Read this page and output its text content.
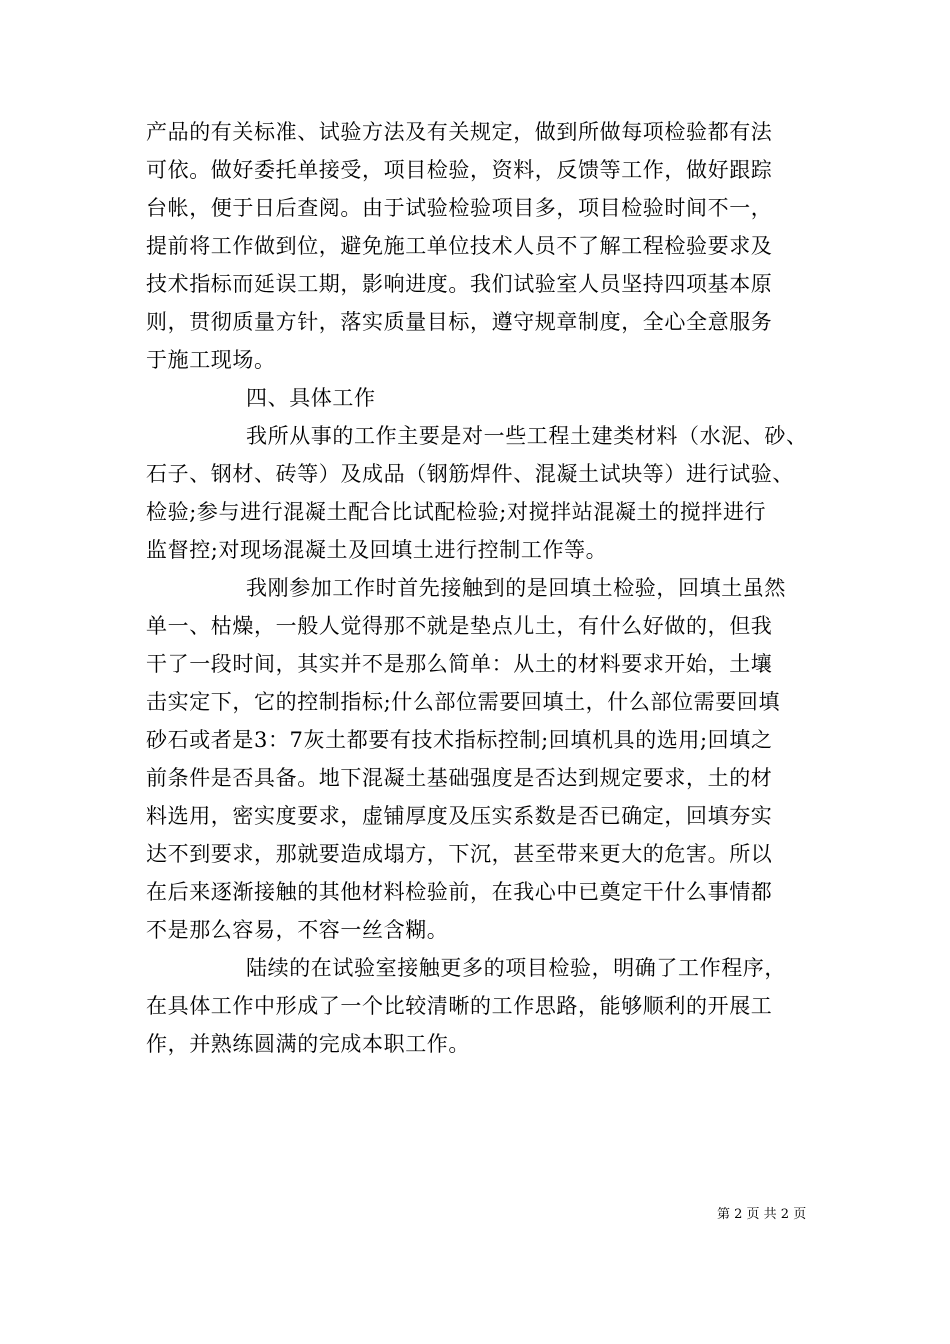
产品的有关标准、试验方法及有关规定，做到所做每项检验都有法
可依。做好委托单接受，项目检验，资料，反馈等工作，做好跟踪
台帐，便于日后查阅。由于试验检验项目多，项目检验时间不一，
提前将工作做到位，避免施工单位技术人员不了解工程检验要求及
技术指标而延误工期，影响进度。我们试验室人员坚持四项基本原
则，贯彻质量方针，落实质量目标，遵守规章制度，全心全意服务
于施工现场。
四、具体工作
我所从事的工作主要是对一些工程土建类材料（水泥、砂、
石子、钢材、砖等）及成品（钢筋焊件、混凝土试块等）进行试验、
检验;参与进行混凝土配合比试配检验;对搅拌站混凝土的搅拌进行
监督控;对现场混凝土及回填土进行控制工作等。
我刚参加工作时首先接触到的是回填土检验，回填土虽然
单一、枯燥，一般人觉得那不就是垫点儿土，有什么好做的，但我
干了一段时间，其实并不是那么简单：从土的材料要求开始，土壤
击实定下，它的控制指标;什么部位需要回填土，什么部位需要回填
砂石或者是3：7灰土都要有技术指标控制;回填机具的选用;回填之
前条件是否具备。地下混凝土基础强度是否达到规定要求，土的材
料选用，密实度要求，虚铺厚度及压实系数是否已确定，回填夯实
达不到要求，那就要造成塌方，下沉，甚至带来更大的危害。所以
在后来逐渐接触的其他材料检验前，在我心中已奠定干什么事情都
不是那么容易，不容一丝含糊。
陆续的在试验室接触更多的项目检验，明确了工作程序，
在具体工作中形成了一个比较清晰的工作思路，能够顺利的开展工
作，并熟练圆满的完成本职工作。
第 2 页 共 2 页
